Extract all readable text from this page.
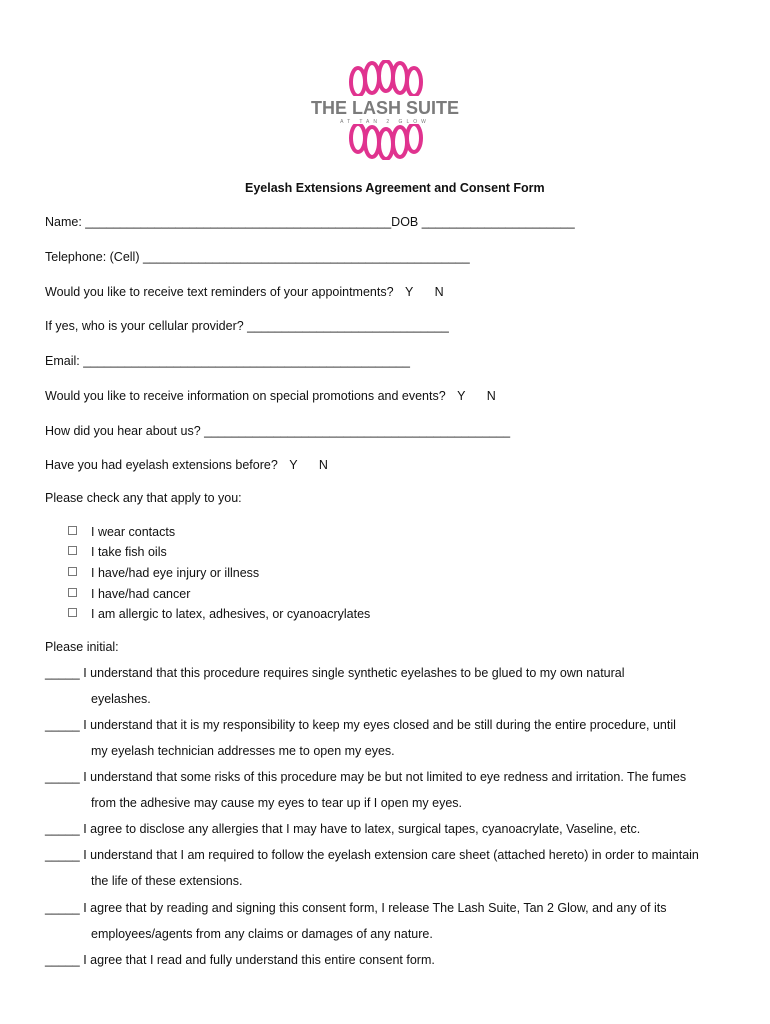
THE LASH SUITE
AT TAN 2 GLOW
Eyelash Extensions Agreement and Consent Form
Name: ____________________________________________DOB ______________________
Telephone: (Cell) _______________________________________________
Would you like to receive text reminders of your appointments? Y N
If yes, who is your cellular provider? _____________________________
Email: _______________________________________________
Would you like to receive information on special promotions and events? Y N
How did you hear about us? ____________________________________________
Have you had eyelash extensions before? Y N
Please check any that apply to you:
I wear contacts
I take fish oils
I have/had eye injury or illness
I have/had cancer
I am allergic to latex, adhesives, or cyanoacrylates
Please initial:
_____ I understand that this procedure requires single synthetic eyelashes to be glued to my own natural
eyelashes.
_____ I understand that it is my responsibility to keep my eyes closed and be still during the entire procedure, until
my eyelash technician addresses me to open my eyes.
_____ I understand that some risks of this procedure may be but not limited to eye redness and irritation. The fumes
from the adhesive may cause my eyes to tear up if I open my eyes.
_____ I agree to disclose any allergies that I may have to latex, surgical tapes, cyanoacrylate, Vaseline, etc.
_____ I understand that I am required to follow the eyelash extension care sheet (attached hereto) in order to maintain
the life of these extensions.
_____ I agree that by reading and signing this consent form, I release The Lash Suite, Tan 2 Glow, and any of its
employees/agents from any claims or damages of any nature.
_____ I agree that I read and fully understand this entire consent form.
